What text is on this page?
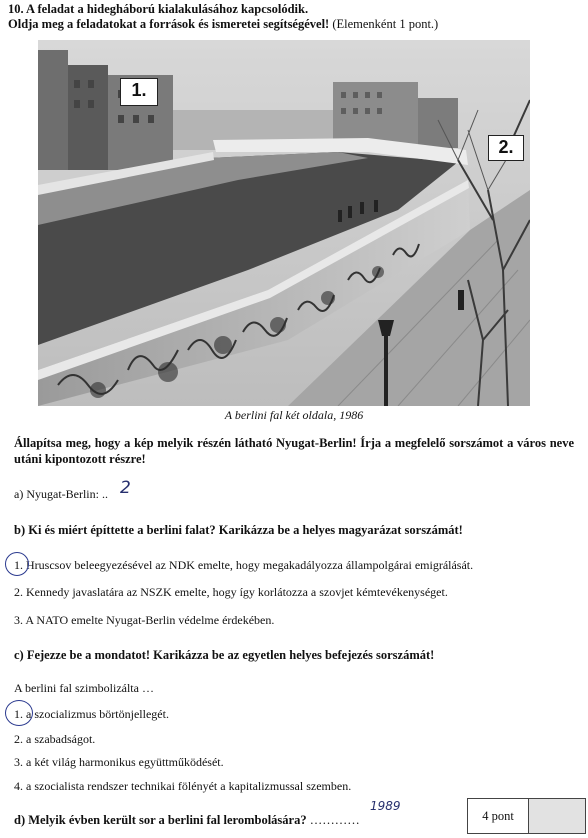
10. A feladat a hidegháború kialakulásához kapcsolódik.
Oldja meg a feladatokat a források és ismeretei segítségével! (Elemenként 1 pont.)
1.
2.
A berlini fal két oldala, 1986
Állapítsa meg, hogy a kép melyik részén látható Nyugat-Berlin! Írja a megfelelő sorszámot a város neve utáni kipontozott részre!
a) Nyugat-Berlin: .. 2
b) Ki és miért építtette a berlini falat? Karikázza be a helyes magyarázat sorszámát!
1. Hruscsov beleegyezésével az NDK emelte, hogy megakadályozza állampolgárai emigrálását.
2. Kennedy javaslatára az NSZK emelte, hogy így korlátozza a szovjet kémtevékenységet.
3. A NATO emelte Nyugat-Berlin védelme érdekében.
c) Fejezze be a mondatot! Karikázza be az egyetlen helyes befejezés sorszámát!
A berlini fal szimbolizálta …
1. a szocializmus börtönjellegét.
2. a szabadságot.
3. a két világ harmonikus együttműködését.
4. a szocialista rendszer technikai fölényét a kapitalizmussal szemben.
d) Melyik évben került sor a berlini fal lerombolására? …………
1989
4 pont
